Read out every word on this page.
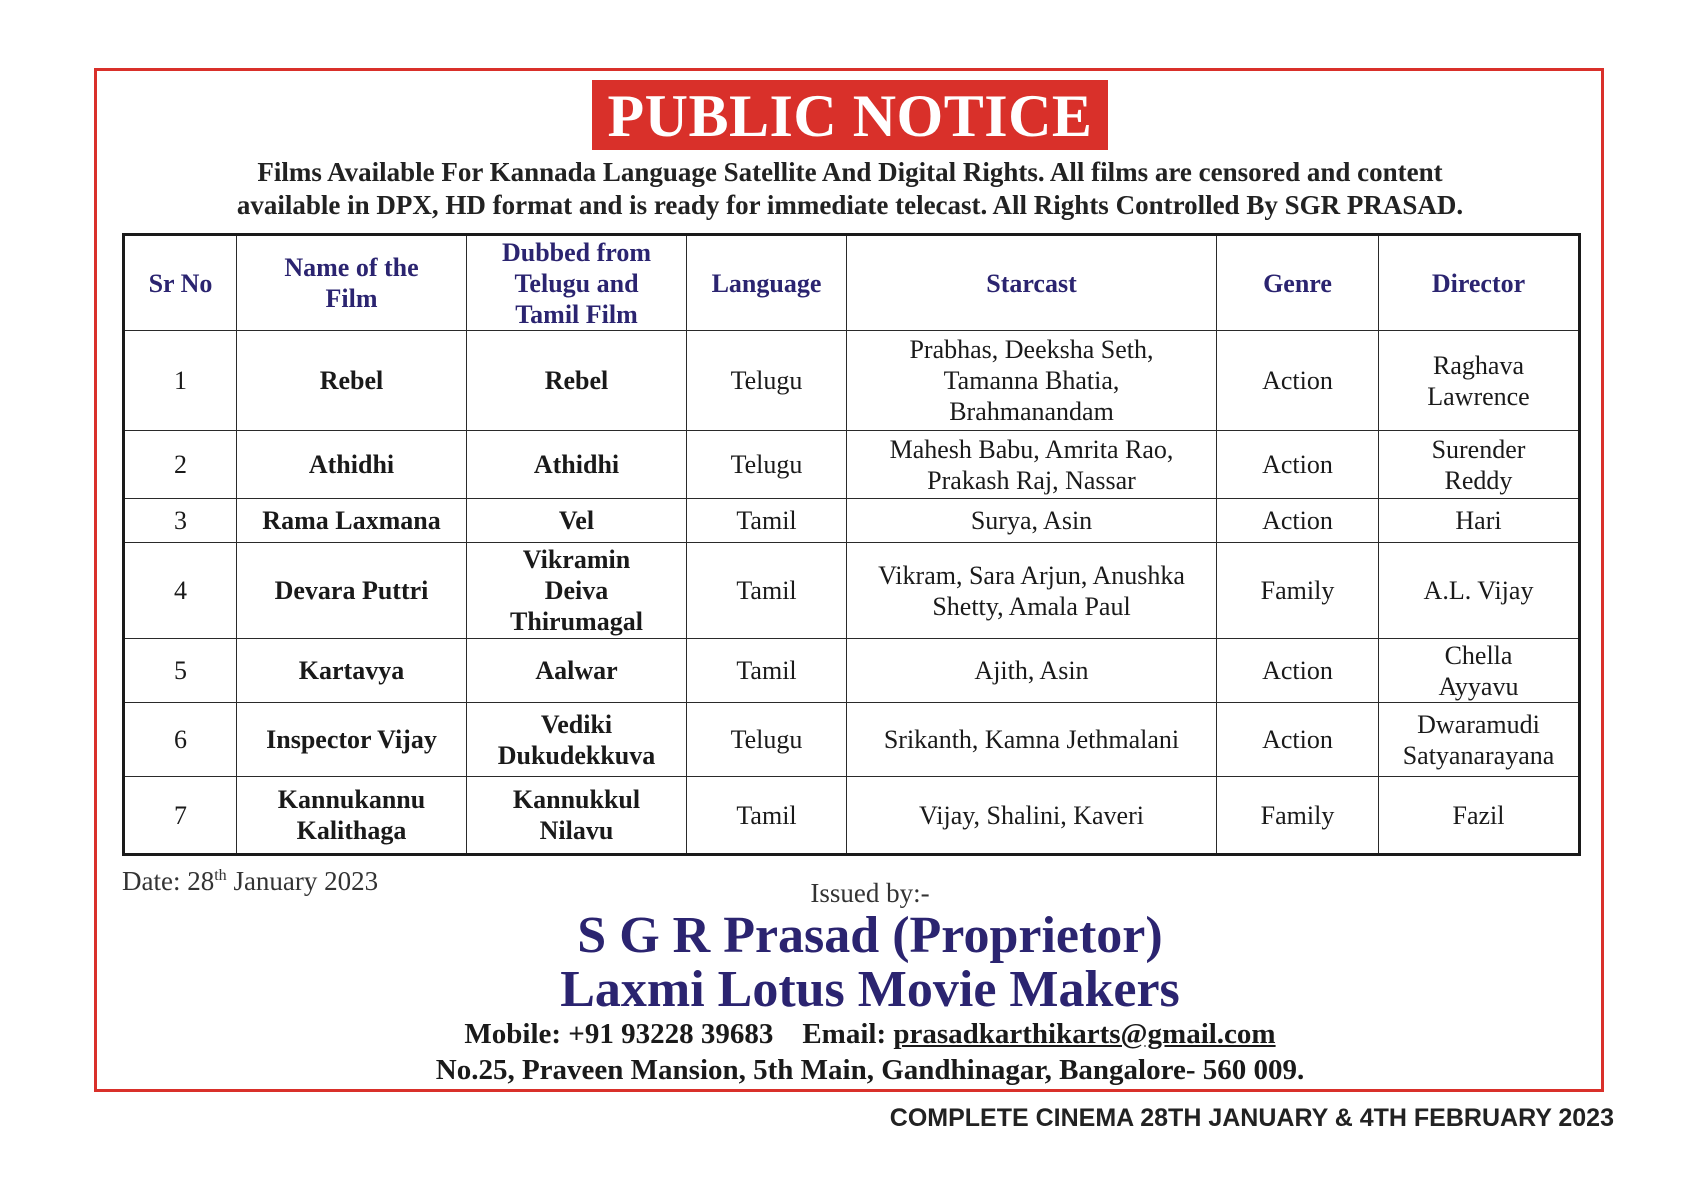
PUBLIC NOTICE
Films Available For Kannada Language Satellite And Digital Rights. All films are censored and content
available in DPX, HD format and is ready for immediate telecast. All Rights Controlled By SGR PRASAD.
Sr No	Name of the Film	Dubbed from Telugu and Tamil Film	Language	Starcast	Genre	Director
1	Rebel	Rebel	Telugu	Prabhas, Deeksha Seth, Tamanna Bhatia, Brahmanandam	Action	Raghava Lawrence

2	Athidhi	Athidhi	Telugu	Mahesh Babu, Amrita Rao, Prakash Raj, Nassar	Action	Surender Reddy

3	Rama Laxmana	Vel	Tamil	Surya, Asin	Action	Hari
4	Devara Puttri	Vikramin Deiva Thirumagal	Tamil	Vikram, Sara Arjun, Anushka Shetty, Amala Paul	Family	A.L. Vijay
5	Kartavya	Aalwar	Tamil	Ajith, Asin	Action	Chella Ayyavu

6	Inspector Vijay	Vediki Dukudekkuva	Telugu	Srikanth, Kamna Jethmalani	Action	Dwaramudi Satyanarayana

7	Kannukannu Kalithaga	Kannukkul Nilavu	Tamil	Vijay, Shalini, Kaveri	Family	Fazil
Date: 28th January 2023	Issued by:-
S G R Prasad (Proprietor)
Laxmi Lotus Movie Makers
Mobile: +91 93228 39683 Email: prasadkarthikarts@gmail.com
No.25, Praveen Mansion, 5th Main, Gandhinagar, Bangalore- 560 009.
COMPLETE CINEMA 28TH JANUARY & 4TH FEBRUARY 2023
